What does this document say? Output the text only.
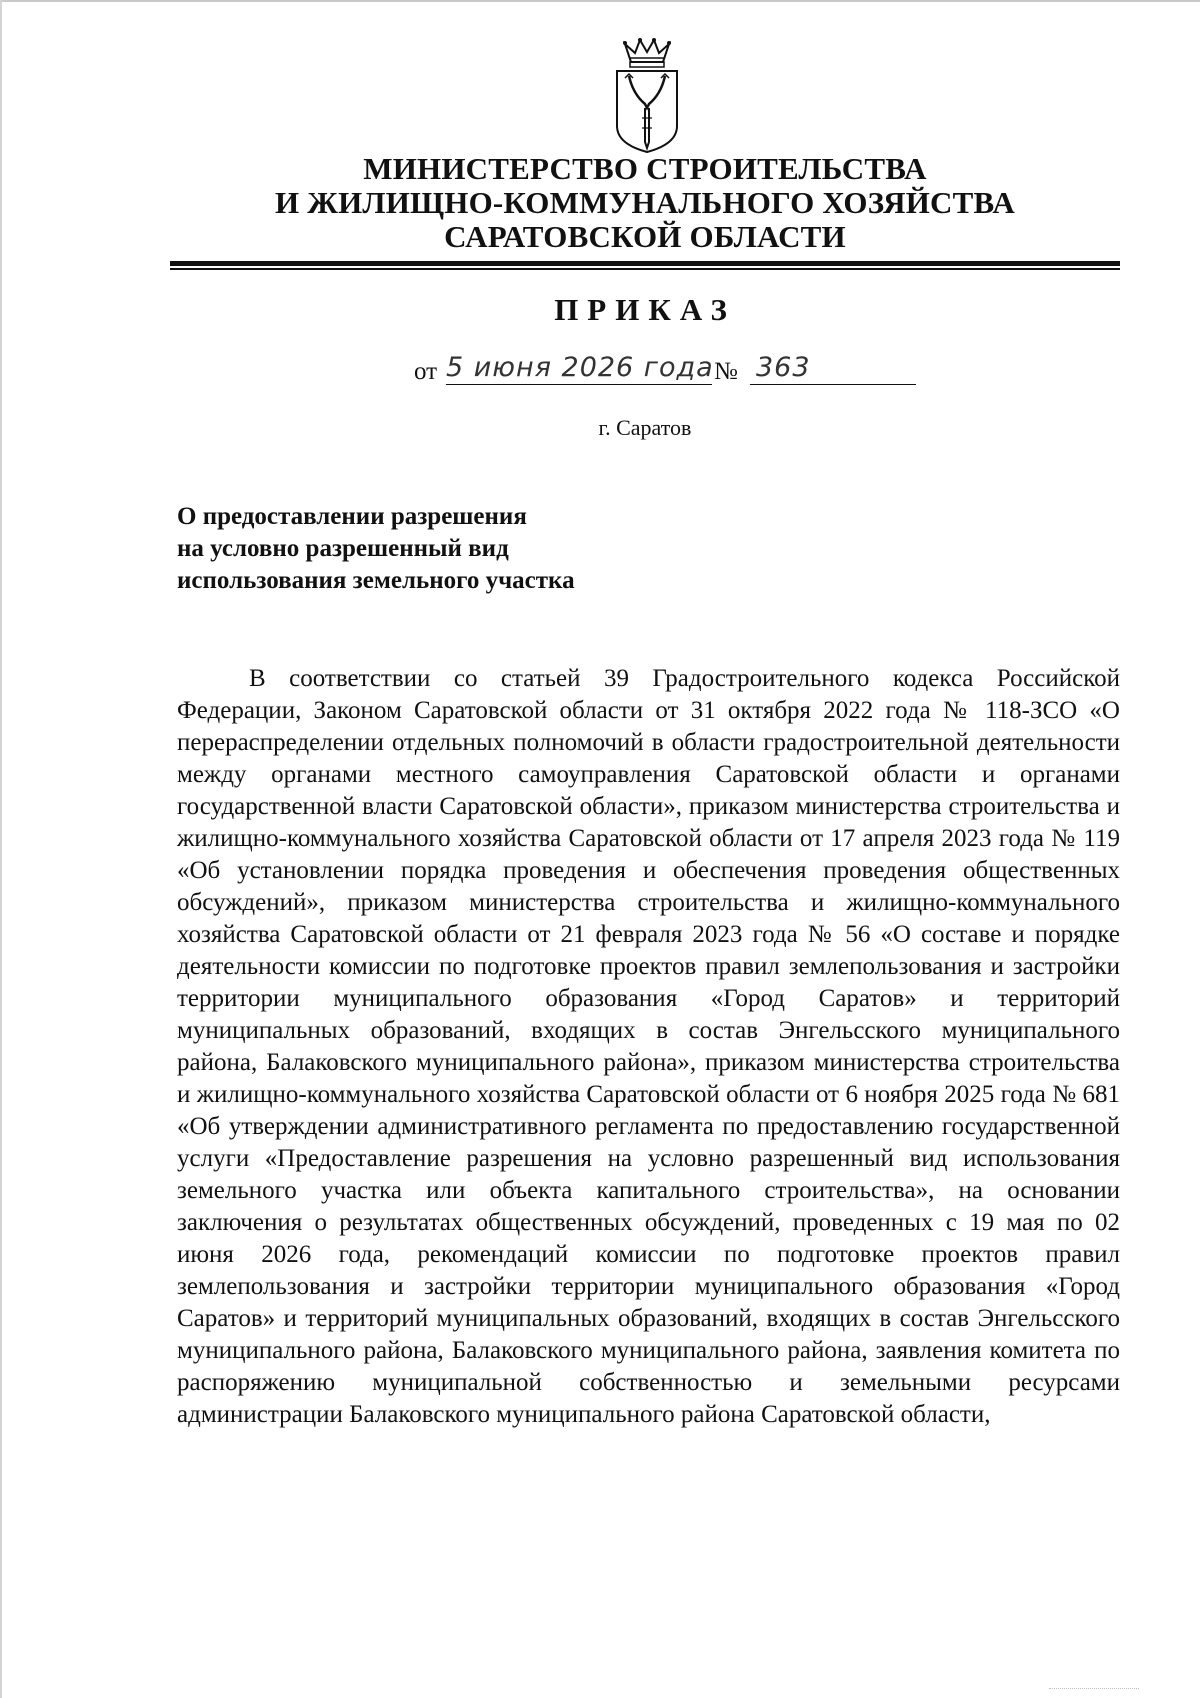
МИНИСТЕРСТВО СТРОИТЕЛЬСТВА
И ЖИЛИЩНО-КОММУНАЛЬНОГО ХОЗЯЙСТВА
САРАТОВСКОЙ ОБЛАСТИ
ПРИКАЗ
от 5 июня 2026 года № 363
г. Саратов
О предоставлении разрешения
на условно разрешенный вид
использования земельного участка
В соответствии со статьей 39 Градостроительного кодекса Российской Федерации, Законом Саратовской области от 31 октября 2022 года № 118-ЗСО «О перераспределении отдельных полномочий в области градостроительной деятельности между органами местного самоуправления Саратовской области и органами государственной власти Саратовской области», приказом министерства строительства и жилищно-коммунального хозяйства Саратовской области от 17 апреля 2023 года № 119 «Об установлении порядка проведения и обеспечения проведения общественных обсуждений», приказом министерства строительства и жилищно-коммунального хозяйства Саратовской области от 21 февраля 2023 года № 56 «О составе и порядке деятельности комиссии по подготовке проектов правил землепользования и застройки территории муниципального образования «Город Саратов» и территорий муниципальных образований, входящих в состав Энгельсского муниципального района, Балаковского муниципального района», приказом министерства строительства и жилищно-коммунального хозяйства Саратовской области от 6 ноября 2025 года № 681 «Об утверждении административного регламента по предоставлению государственной услуги «Предоставление разрешения на условно разрешенный вид использования земельного участка или объекта капитального строительства», на основании заключения о результатах общественных обсуждений, проведенных с 19 мая по 02 июня 2026 года, рекомендаций комиссии по подготовке проектов правил землепользования и застройки территории муниципального образования «Город Саратов» и территорий муниципальных образований, входящих в состав Энгельсского муниципального района, Балаковского муниципального района, заявления комитета по распоряжению муниципальной собственностью и земельными ресурсами администрации Балаковского муниципального района Саратовской области,
